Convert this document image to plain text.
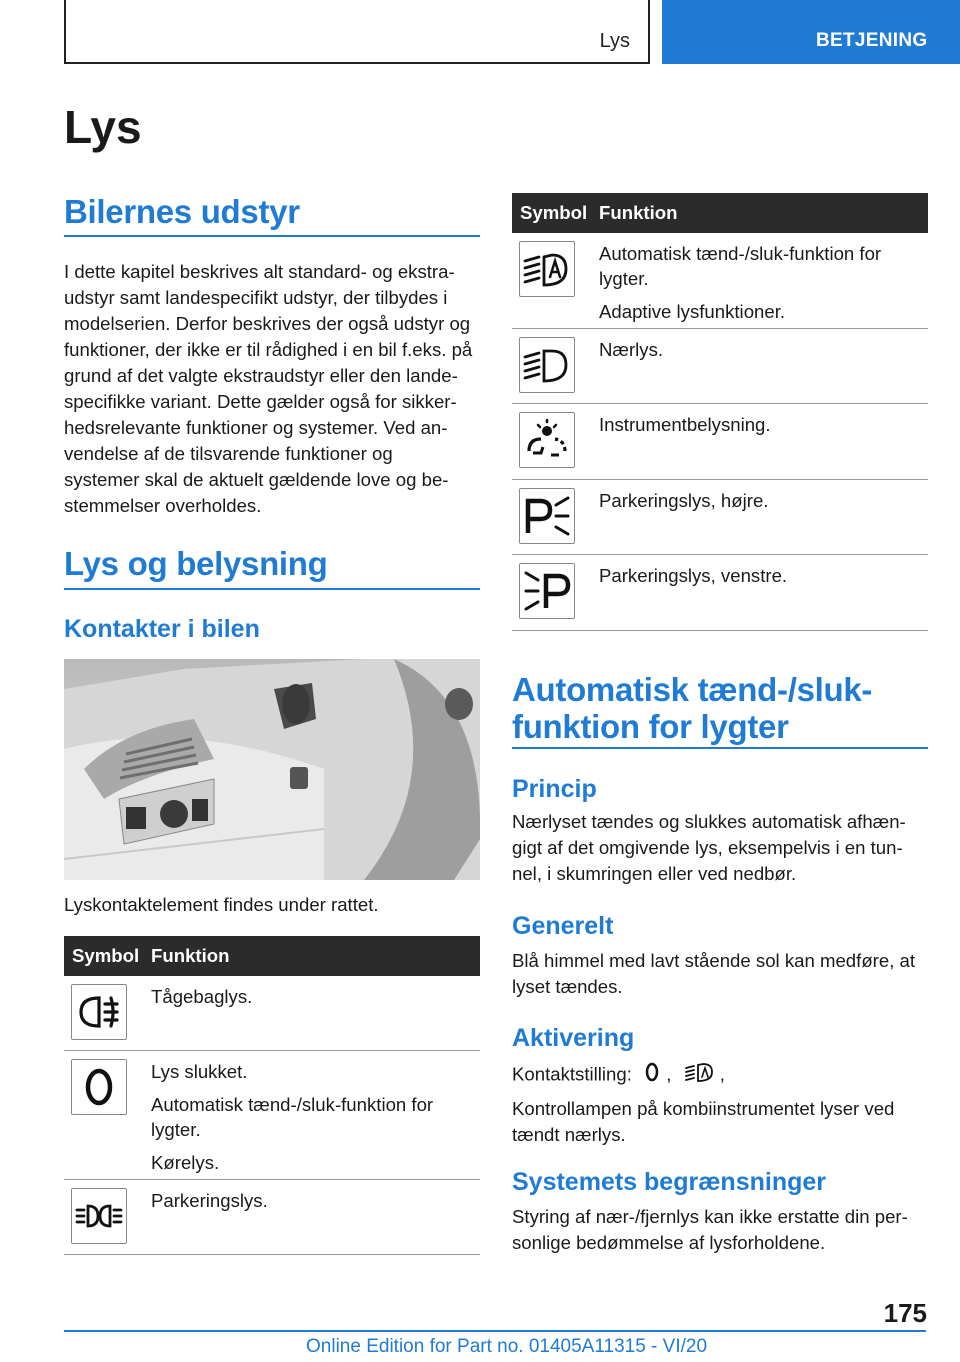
Lys	BETJENING
Lys
Bilernes udstyr
I dette kapitel beskrives alt standard- og ekstra-
udstyr samt landespecifikt udstyr, der tilbydes i
modelserien. Derfor beskrives der også udstyr og
funktioner, der ikke er til rådighed i en bil f.eks. på
grund af det valgte ekstraudstyr eller den lande-
specifikke variant. Dette gælder også for sikker-
hedsrelevante funktioner og systemer. Ved an-
vendelse af de tilsvarende funktioner og
systemer skal de aktuelt gældende love og be-
stemmelser overholdes.
Lys og belysning
Kontakter i bilen
Lyskontaktelement findes under rattet.
Symbol Funktion

Tågebaglys.

Lys slukket.

Automatisk tænd-/sluk-funktion for lygter.

Kørelys.

Parkeringslys.

Symbol Funktion

Automatisk tænd-/sluk-funktion for lygter.

Adaptive lysfunktioner.

Nærlys.

Instrumentbelysning.

Parkeringslys, højre.

Parkeringslys, venstre.

Automatisk tænd-/sluk-
funktion for lygter
Princip
Nærlyset tændes og slukkes automatisk afhæn-
gigt af det omgivende lys, eksempelvis i en tun-
nel, i skumringen eller ved nedbør.
Generelt
Blå himmel med lavt stående sol kan medføre, at
lyset tændes.
Aktivering
Kontaktstilling: ,	,
Kontrollampen på kombiinstrumentet lyser ved
tændt nærlys.
Systemets begrænsninger
Styring af nær-/fjernlys kan ikke erstatte din per-
sonlige bedømmelse af lysforholdene.
175
Online Edition for Part no. 01405A11315 - VI/20
